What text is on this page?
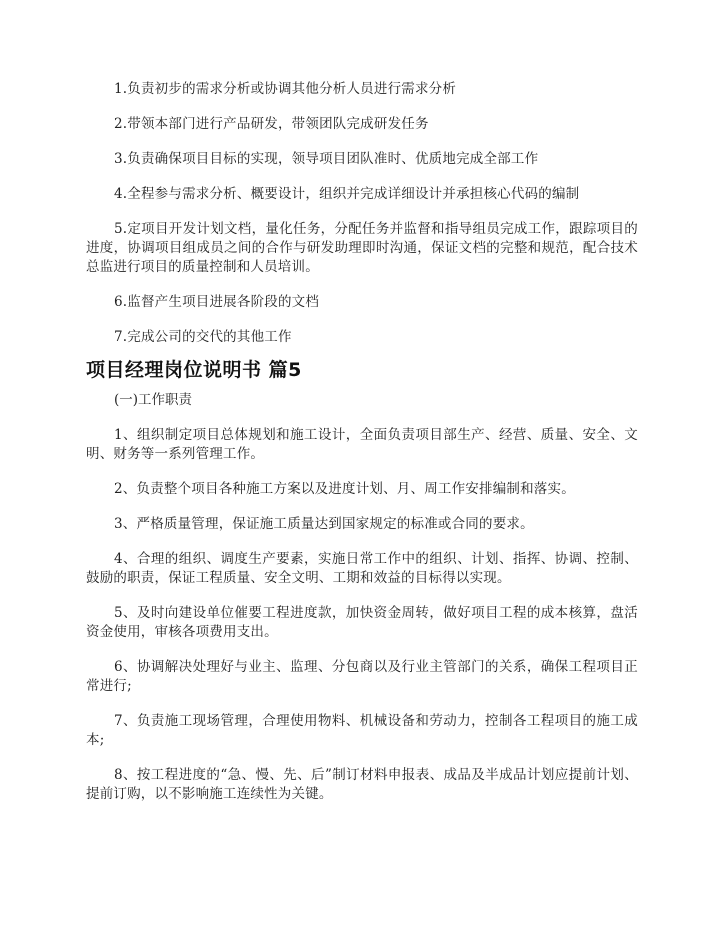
1.负责初步的需求分析或协调其他分析人员进行需求分析

2.带领本部门进行产品研发，带领团队完成研发任务

3.负责确保项目目标的实现，领导项目团队准时、优质地完成全部工作

4.全程参与需求分析、概要设计，组织并完成详细设计并承担核心代码的编制

5.定项目开发计划文档，量化任务，分配任务并监督和指导组员完成工作，跟踪项目的进度，协调项目组成员之间的合作与研发助理即时沟通，保证文档的完整和规范，配合技术总监进行项目的质量控制和人员培训。

6.监督产生项目进展各阶段的文档

7.完成公司的交代的其他工作

项目经理岗位说明书 篇5

(一)工作职责

1、组织制定项目总体规划和施工设计，全面负责项目部生产、经营、质量、安全、文明、财务等一系列管理工作。

2、负责整个项目各种施工方案以及进度计划、月、周工作安排编制和落实。

3、严格质量管理，保证施工质量达到国家规定的标准或合同的要求。

4、合理的组织、调度生产要素，实施日常工作中的组织、计划、指挥、协调、控制、鼓励的职责，保证工程质量、安全文明、工期和效益的目标得以实现。

5、及时向建设单位催要工程进度款，加快资金周转，做好项目工程的成本核算，盘活资金使用，审核各项费用支出。

6、协调解决处理好与业主、监理、分包商以及行业主管部门的关系，确保工程项目正常进行;

7、负责施工现场管理，合理使用物料、机械设备和劳动力，控制各工程项目的施工成本;

8、按工程进度的“急、慢、先、后”制订材料申报表、成品及半成品计划应提前计划、提前订购，以不影响施工连续性为关键。
